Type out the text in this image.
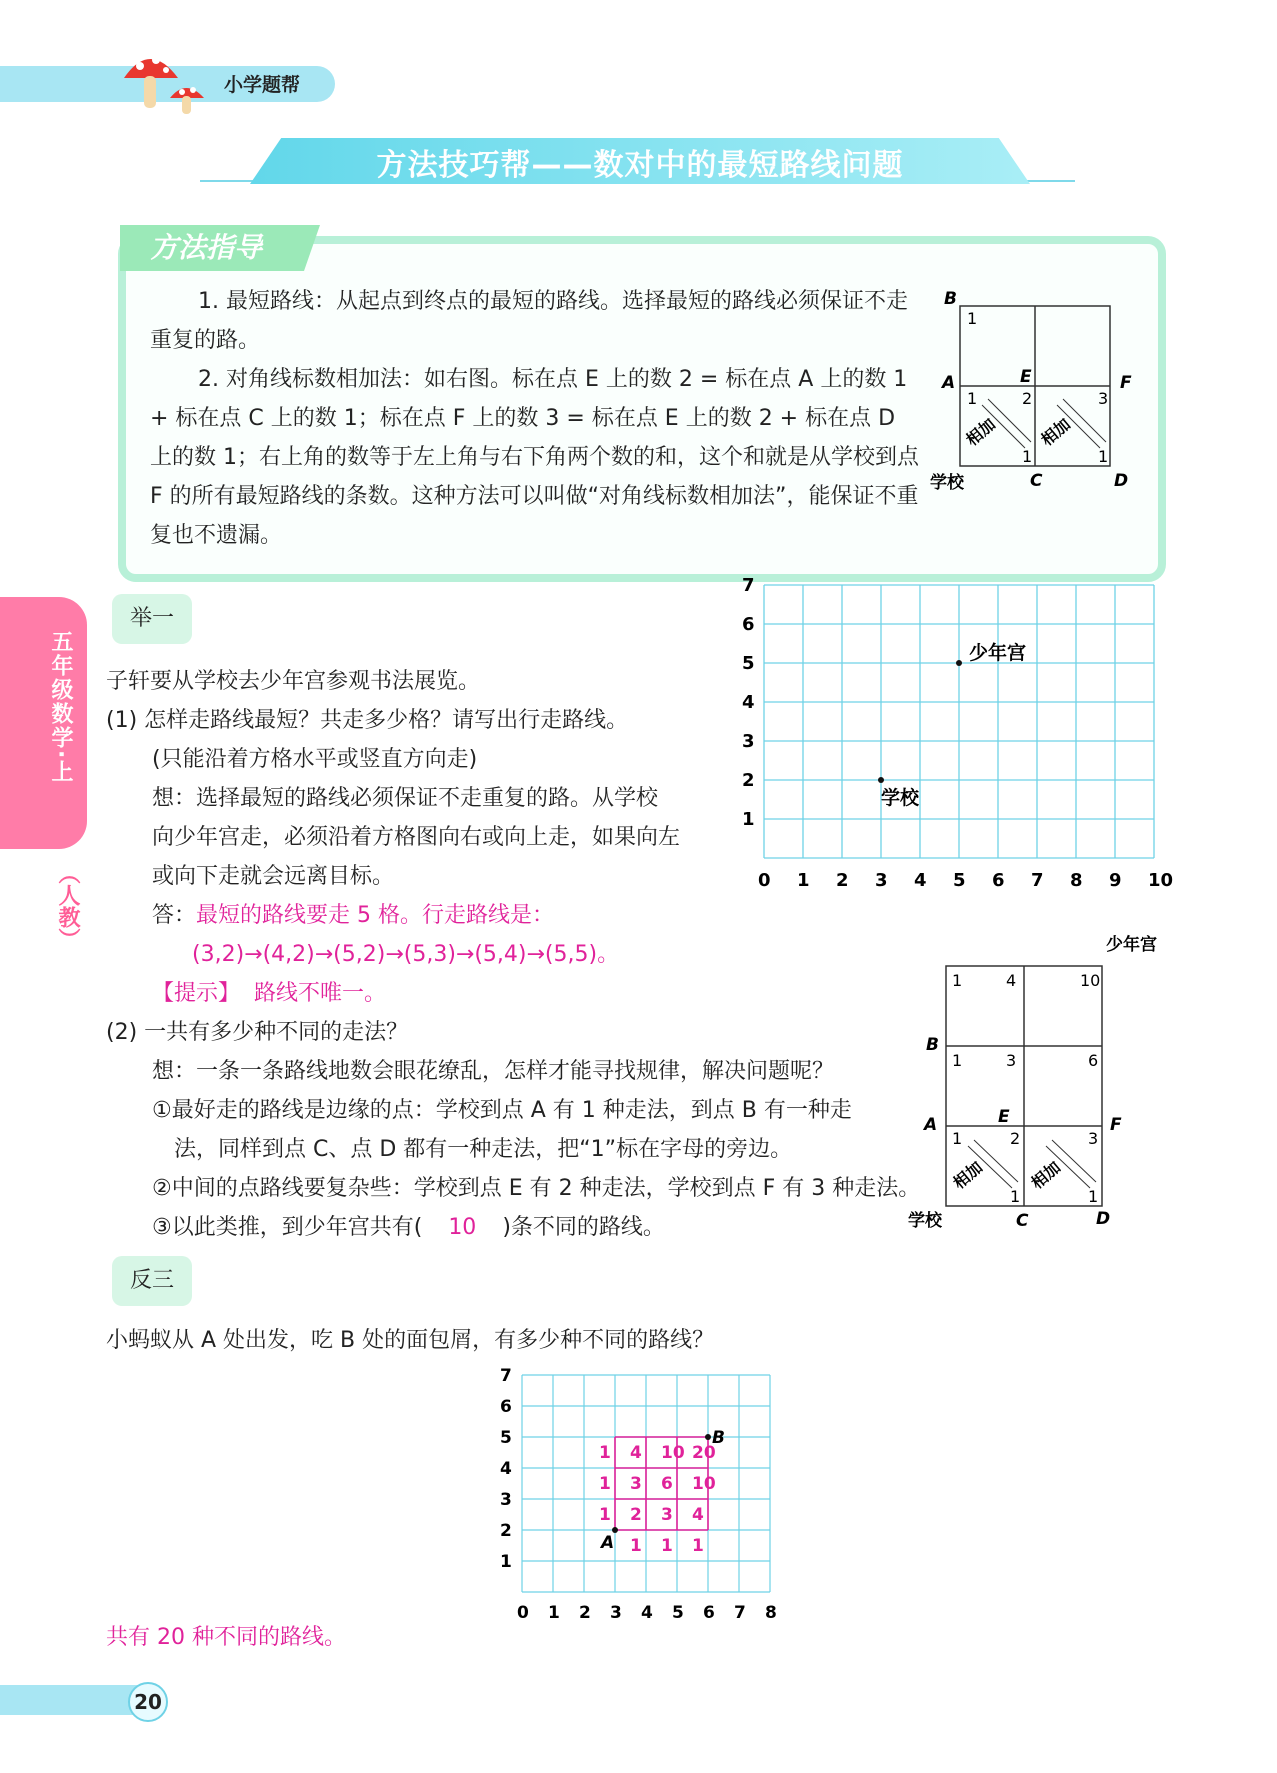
小学题帮
方法技巧帮——数对中的最短路线问题
方法指导
1. 最短路线：从起点到终点的最短的路线。选择最短的路线必须保证不走重复的路。
2. 对角线标数相加法：如右图。标在点 E 上的数 2 = 标在点 A 上的数 1 + 标在点 C 上的数 1；标在点 F 上的数 3 = 标在点 E 上的数 2 + 标在点 D 上的数 1；右上角的数等于左上角与右下角两个数的和，这个和就是从学校到点 F 的所有最短路线的条数。这种方法可以叫做“对角线标数相加法”，能保证不重复也不遗漏。
B
A	E	F
C	D
学校
1
1	2	3
1	1
相加 相加
五年级数学·上
（人教）
举一
子轩要从学校去少年宫参观书法展览。
(1) 怎样走路线最短？共走多少格？请写出行走路线。
(只能沿着方格水平或竖直方向走)
想：选择最短的路线必须保证不走重复的路。从学校
向少年宫走，必须沿着方格图向右或向上走，如果向左
或向下走就会远离目标。
答：最短的路线要走 5 格。行走路线是：
(3,2)→(4,2)→(5,2)→(5,3)→(5,4)→(5,5)。
【提示】 路线不唯一。
(2) 一共有多少种不同的走法？
想：一条一条路线地数会眼花缭乱，怎样才能寻找规律，解决问题呢？
①最好走的路线是边缘的点：学校到点 A 有 1 种走法，到点 B 有一种走
法，同样到点 C、点 D 都有一种走法，把“1”标在字母的旁边。
②中间的点路线要复杂些：学校到点 E 有 2 种走法，学校到点 F 有 3 种走法。
③以此类推，到少年宫共有( 10 )条不同的路线。
0 1 2 3 4 5 6 7 8 9 10
1
2
3
4
5
6
7
少年宫
学校
少年宫
B
A	E	F
C	D
学校
1	4	10
1	3	6
1	2	3
1	1
相加	相加
反三
小蚂蚁从 A 处出发，吃 B 处的面包屑，有多少种不同的路线？
0 1 2 3 4 5 6 7 8
1
2
3
4
5
6
7
1 4 10 20
1 3 6 10
1 2 3 4
1 1 1
A
B
共有 20 种不同的路线。
20
